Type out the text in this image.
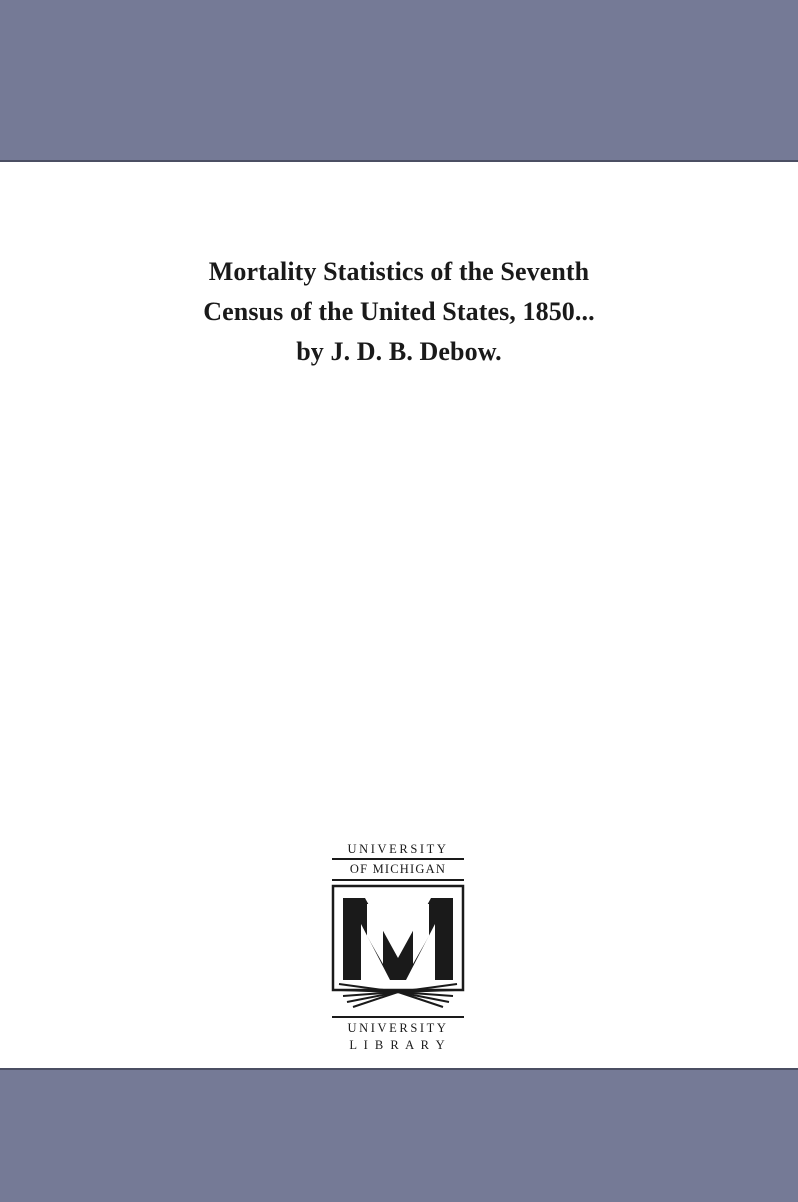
Mortality Statistics of the Seventh
Census of the United States, 1850...
by J. D. B. Debow.
UNIVERSITY
OF MICHIGAN
UNIVERSITY
L I B R A R Y
